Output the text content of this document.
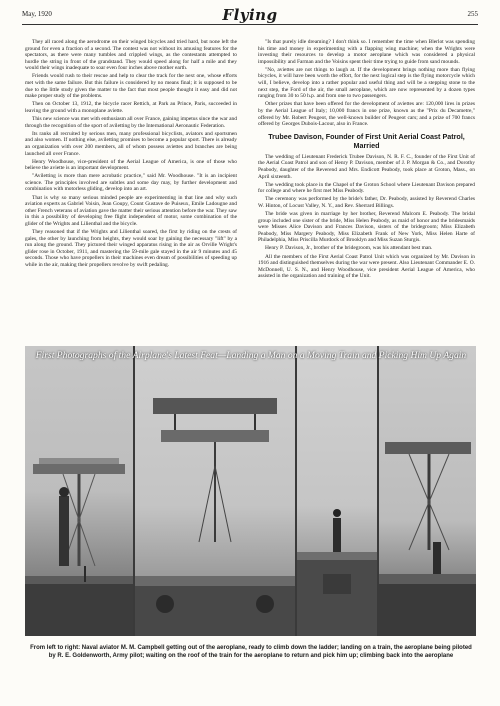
May, 1920	Flying	255

They all raced along the aerodrome on their winged bicycles and tried hard, but none left the ground for even a fraction of a second. The contest was not without its amusing features for the spectators, as there were many tumbles and crippled wings, as the contestants attempted to hurdle the string in front of the grandstand. They would speed along for half a mile and they would their wings inadequate to soar even four inches above mother earth.

Friends would rush to their rescue and help to clear the track for the next one, whose efforts met with the same failure. But this failure is considered by no means final; it is supposed to be due to the little study given the matter to the fact that most people thought it easy and did not make proper study of the problems.

Then on October 13, 1912, the bicycle racer Rettich, at Park au Prince, Paris, succeeded in leaving the ground with a monoplane aviette.

This new science was met with enthusiasm all over France, gaining impetus since the war and through the recognition of the sport of aviletting by the International Aeronautic Federation.

Its ranks all recruited by serious men, many professional bicyclists, aviators and sportsmen and also women. If nothing else, aviletting promises to become a popular sport. There is already an organization with over 200 members, all of whom possess aviettes and branches are being launched all over France.

Henry Woodhouse, vice-president of the Aerial League of America, is one of those who believe the aviette is an important development.

"Aviletting is more than mere acrobatic practice," said Mr. Woodhouse. "It is an incipient science. The principles involved are subtles and some day may, by further development and combination with motorless gliding, develop into an art.

That is why so many serious minded people are experimenting in that line and why such aviation experts as Gabriel Voisin, Jean Goupy, Count Gustave de Puiseux, Emile Ladougne and other French veterans of aviation gave the matter their serious attention before the war. They saw in this a possibility of developing free flight independent of motor, some combination of the glider of the Wrights and Lilienthal and the bicycle.

They reasoned that if the Wrights and Lilienthal soared, the first by riding on the crests of gales, the other by launching from heights, they would soar by gaining the necessary "lift" by a run along the ground. They pictured their winged apparatus rising in the air as Orville Wright's glider rose in October, 1911, and mastering the 59-mile gale stayed in the air 9 minutes and 45 seconds. Those who have propellers in their machines even dream of possibilities of speeding up while in the air, making their propellers revolve by swift pedaling.

"Is that purely idle dreaming? I don't think so. I remember the time when Blerlot was spending his time and money in experimenting with a flapping wing machine; when the Wrights were investing their resources to develop a motor aeroplane which was considered a physical impossibility and Farman and the Voisins spent their time trying to guide from sand mounds.

"No, aviettes are not things to laugh at. If the development brings nothing more than flying bicycles, it will have been worth the effort, for the next logical step is the flying motorcycle which will, I believe, develop into a rather popular and useful thing and will be a stepping stone to the next step, the Ford of the air, the small aeroplane, which are now represented by a dozen types ranging from 30 to 50 h.p. and from one to two passengers.

Other prizes that have been offered for the development of aviettes are: 120,000 lires in prizes by the Aerial League of Italy; 10,000 francs in one prize, known as the "Prix du Decametre," offered by Mr. Robert Peugeot, the well-known builder of Peugeot cars; and a prize of 700 francs offered by Georges Dubois-Lacour, also in France.

Trubee Davison, Founder of First Unit Aerial Coast Patrol, Married

The wedding of Lieutenant Frederick Trubee Davison, N. R. F. C., founder of the First Unit of the Aerial Coast Patrol and son of Henry P. Davison, member of J. P. Morgan & Co., and Dorothy Peabody, daughter of the Reverend and Mrs. Endicott Peabody, took place at Groton, Mass., on April sixteenth.

The wedding took place in the Chapel of the Groton School where Lieutenant Davison prepared for college and where he first met Miss Peabody.

The ceremony was performed by the bride's father, Dr. Peabody, assisted by Reverend Charles W. Hinton, of Locust Valley, N. Y., and Rev. Sherrard Billings.

The bride was given in marriage by her brother, Reverend Malcom E. Peabody. The bridal group included one sister of the bride, Miss Helen Peabody, as maid of honor and the bridesmaids were Misses Alice Davison and Frances Davison, sisters of the bridegroom; Miss Elizabeth Peabody, Miss Margery Peabody, Miss Elizabeth Frank of New York, Miss Helen Harte of Philadelphia, Miss Priscilla Murdock of Brooklyn and Miss Suzan Sturgis.

Henry P. Davison, Jr., brother of the bridegroom, was his attendant best man.

All the members of the First Aerial Coast Patrol Unit which was organized by Mr. Davison in 1916 and distinguished themselves during the war were present. Also Lieutenant Commander E. O. McDonnell, U. S. N., and Henry Woodhouse, vice president Aerial League of America, who assisted in the organization and training of the Unit.

First Photographs of the Airplane's Latest Feat—Landing a Man on a Moving Train and Picking Him Up Again
From left to right: Naval aviator M. M. Campbell getting out of the aeroplane, ready to climb down the ladder; landing on a train, the aeroplane being piloted by R. E. Goldenworth, Army pilot; waiting on the roof of the train for the aeroplane to return and pick him up; climbing back into the aeroplane
